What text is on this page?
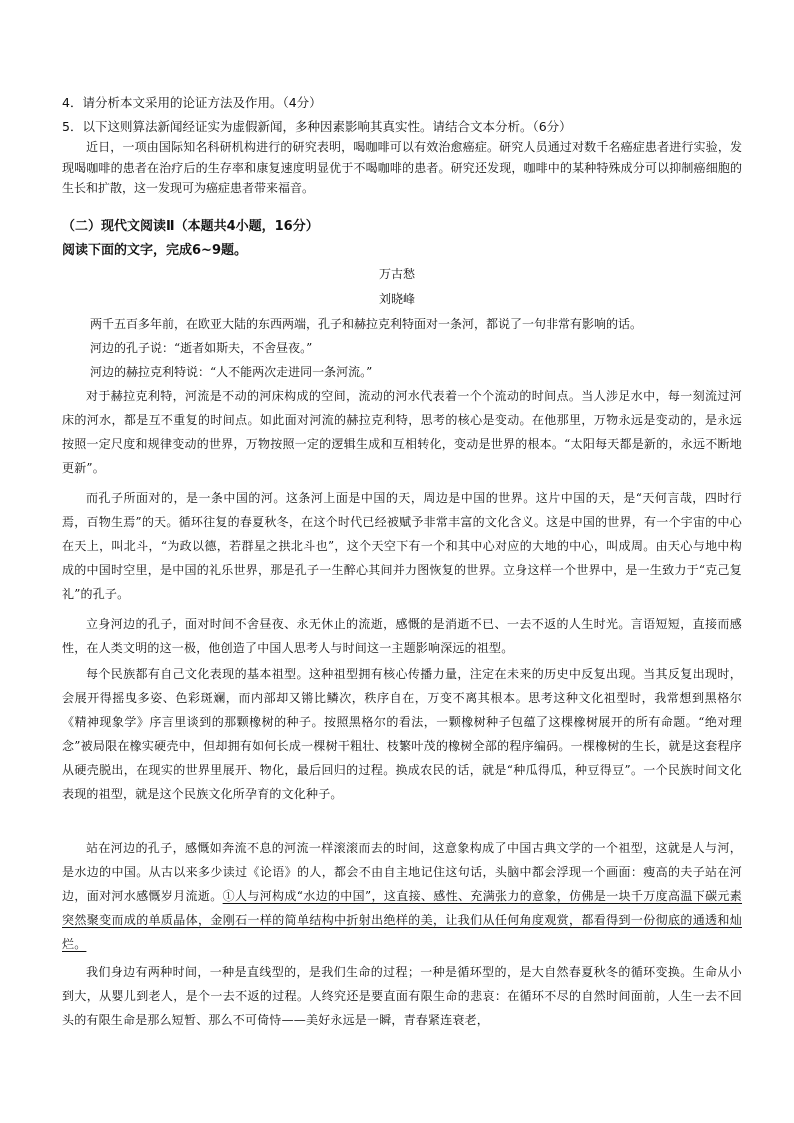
4．请分析本文采用的论证方法及作用。（4分）
5．以下这则算法新闻经证实为虚假新闻，多种因素影响其真实性。请结合文本分析。（6分）

近日，一项由国际知名科研机构进行的研究表明，喝咖啡可以有效治愈癌症。研究人员通过对数千名癌症患者进行实验，发现喝咖啡的患者在治疗后的生存率和康复速度明显优于不喝咖啡的患者。研究还发现，咖啡中的某种特殊成分可以抑制癌细胞的生长和扩散，这一发现可为癌症患者带来福音。

（二）现代文阅读Ⅱ（本题共4小题，16分）
阅读下面的文字，完成6~9题。
万古愁
刘晓峰
两千五百多年前，在欧亚大陆的东西两端，孔子和赫拉克利特面对一条河，都说了一句非常有影响的话。
河边的孔子说：“逝者如斯夫，不舍昼夜。”
河边的赫拉克利特说：“人不能两次走进同一条河流。”

对于赫拉克利特，河流是不动的河床构成的空间，流动的河水代表着一个个流动的时间点。当人涉足水中，每一刻流过河床的河水，都是互不重复的时间点。如此面对河流的赫拉克利特，思考的核心是变动。在他那里，万物永远是变动的，是永远按照一定尺度和规律变动的世界，万物按照一定的逻辑生成和互相转化，变动是世界的根本。“太阳每天都是新的，永远不断地更新”。

而孔子所面对的，是一条中国的河。这条河上面是中国的天，周边是中国的世界。这片中国的天，是“天何言哉，四时行焉，百物生焉”的天。循环往复的春夏秋冬，在这个时代已经被赋予非常丰富的文化含义。这是中国的世界，有一个宇宙的中心在天上，叫北斗，“为政以德，若群星之拱北斗也”，这个天空下有一个和其中心对应的大地的中心，叫成周。由天心与地中构成的中国时空里，是中国的礼乐世界，那是孔子一生醉心其间并力图恢复的世界。立身这样一个世界中，是一生致力于“克己复礼”的孔子。

立身河边的孔子，面对时间不舍昼夜、永无休止的流逝，感慨的是消逝不已、一去不返的人生时光。言语短短，直接而感性，在人类文明的这一极，他创造了中国人思考人与时间这一主题影响深远的祖型。

每个民族都有自己文化表现的基本祖型。这种祖型拥有核心传播力量，注定在未来的历史中反复出现。当其反复出现时，会展开得摇曳多姿、色彩斑斓，而内部却又锵比鳞次，秩序自在，万变不离其根本。思考这种文化祖型时，我常想到黑格尔《精神现象学》序言里谈到的那颗橡树的种子。按照黑格尔的看法，一颗橡树种子包蕴了这棵橡树展开的所有命题。“绝对理念”被局限在橡实硬壳中，但却拥有如何长成一棵树干粗壮、枝繁叶茂的橡树全部的程序编码。一棵橡树的生长，就是这套程序从硬壳脱出，在现实的世界里展开、物化，最后回归的过程。换成农民的话，就是“种瓜得瓜，种豆得豆”。一个民族时间文化表现的祖型，就是这个民族文化所孕育的文化种子。

站在河边的孔子，感慨如奔流不息的河流一样滚滚而去的时间，这意象构成了中国古典文学的一个祖型，这就是人与河，是水边的中国。从古以来多少读过《论语》的人，都会不由自主地记住这句话，头脑中都会浮现一个画面：瘦高的夫子站在河边，面对河水感慨岁月流逝。①人与河构成“水边的中国”，这直接、感性、充满张力的意象，仿佛是一块千万度高温下碳元素突然聚变而成的单质晶体，金刚石一样的简单结构中折射出绝样的美，让我们从任何角度观赏，都看得到一份彻底的通透和灿烂。

我们身边有两种时间，一种是直线型的，是我们生命的过程；一种是循环型的，是大自然春夏秋冬的循环变换。生命从小到大，从婴儿到老人，是个一去不返的过程。人终究还是要直面有限生命的悲哀：在循环不尽的自然时间面前，人生一去不回头的有限生命是那么短暂、那么不可倚恃——美好永远是一瞬，青春紧连衰老，
